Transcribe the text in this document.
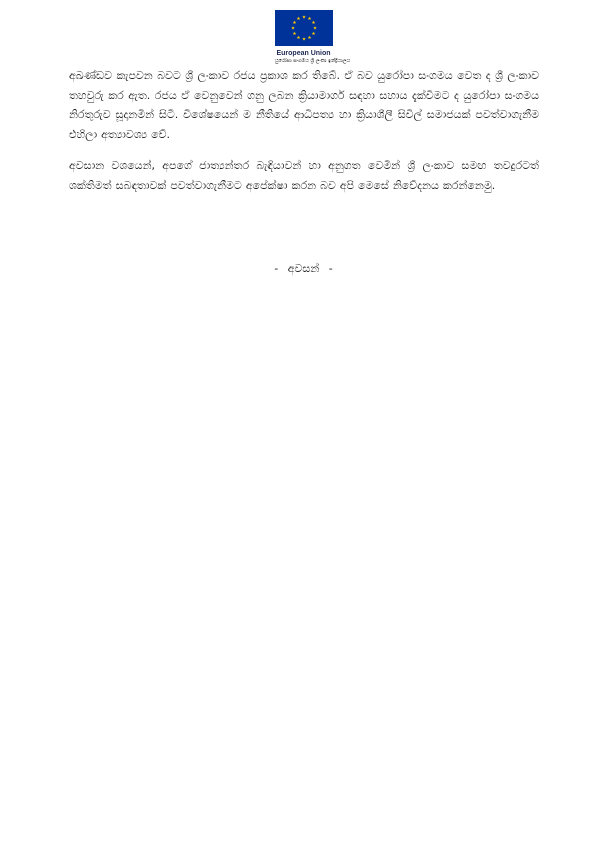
European Union
යුරෝපා සංගමය ශ්‍රී ලංකා ඉන්ද්‍රියාලය

අඛණ්ඩව කැපවන බවට ශ්‍රී ලංකාව රජය ප්‍රකාශ කර තිබේ. ඒ බව යුරෝපා සංගමය වෙත ද ශ්‍රී ලංකාව තහවුරු කර ඇත. රජය ඒ වෙනුවෙන් ගනු ලබන ක්‍රියාමාර්ග සඳහා සහාය දැක්වීමට ද යුරෝපා සංගමය නිරතුරුව සූදානමින් සිටී. විශේෂයෙන් ම නීතියේ ආධිපත්‍ය හා ක්‍රියාශීලී සිවිල් සමාජයක් පවත්වාගැනීම එහිලා අත්‍යාවශ්‍ය වේ.

අවසාන වශයෙන්, අපගේ ජාත්‍යන්තර බැඳියාවන් හා අනුගත වෙමින් ශ්‍රී ලංකාව සමඟ තවදුරටත් ශක්තිමත් සබඳතාවක් පවත්වාගැනීමට අපේක්ෂා කරන බව අපි මෙසේ නිවේදනය කරන්නෙමු.

- අවසන් -
